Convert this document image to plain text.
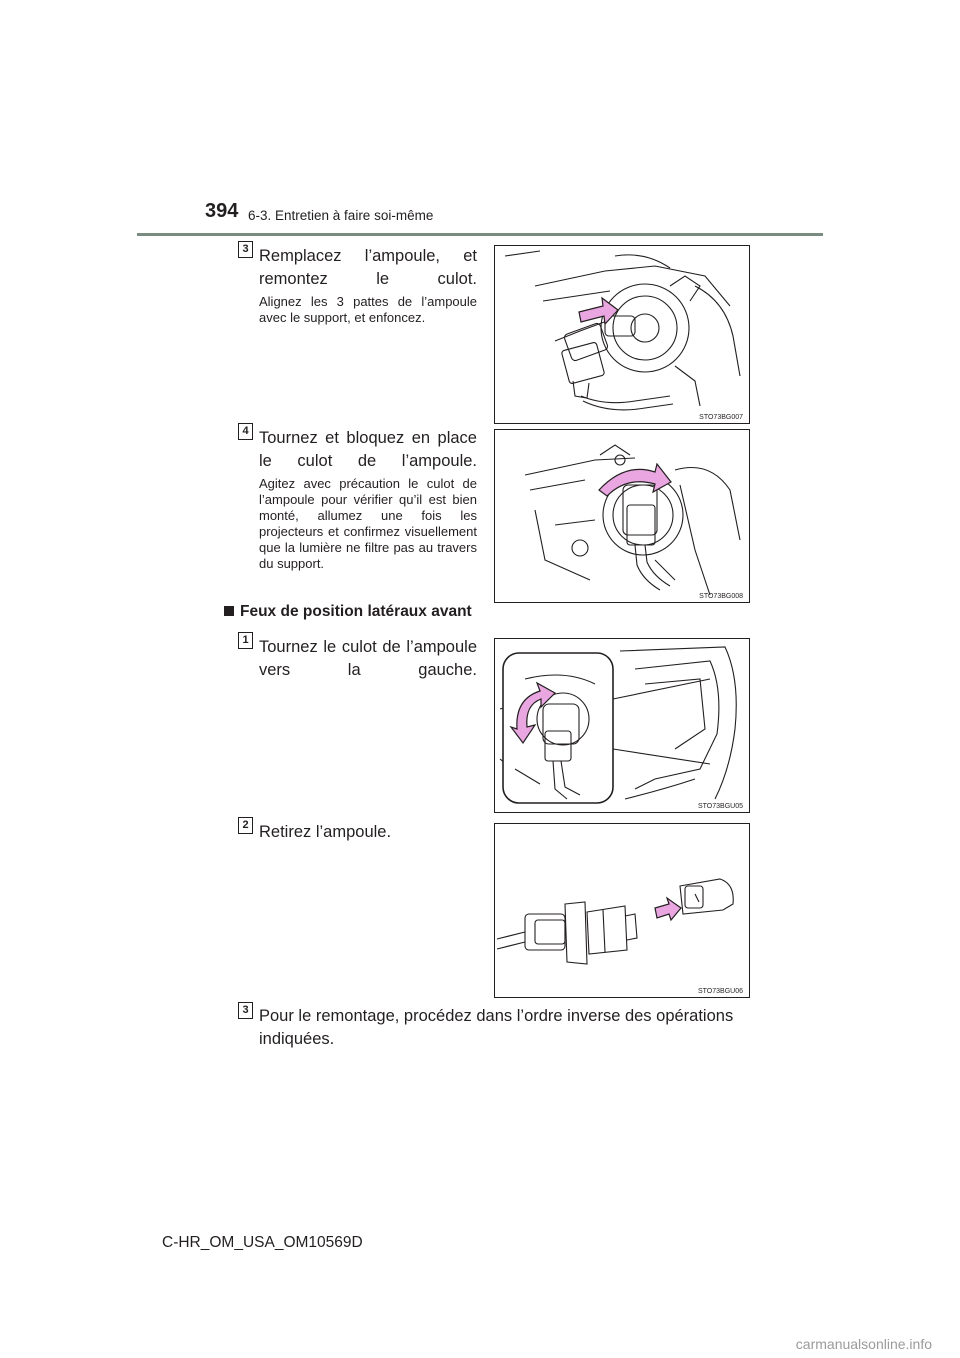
394 6-3. Entretien à faire soi-même
3 Remplacez l’ampoule, et remontez le culot.
Alignez les 3 pattes de l’ampoule avec le support, et enfoncez.
STO73BG007
4 Tournez et bloquez en place le culot de l’ampoule.
Agitez avec précaution le culot de l’ampoule pour vérifier qu’il est bien monté, allumez une fois les projecteurs et confirmez visuellement que la lumière ne filtre pas au travers du support.
STO73BG008
Feux de position latéraux avant
1 Tournez le culot de l’ampoule vers la gauche.
STO73BGU05
2 Retirez l’ampoule.
STO73BGU06
3 Pour le remontage, procédez dans l’ordre inverse des opérations indiquées.
C-HR_OM_USA_OM10569D
carmanualsonline.info
